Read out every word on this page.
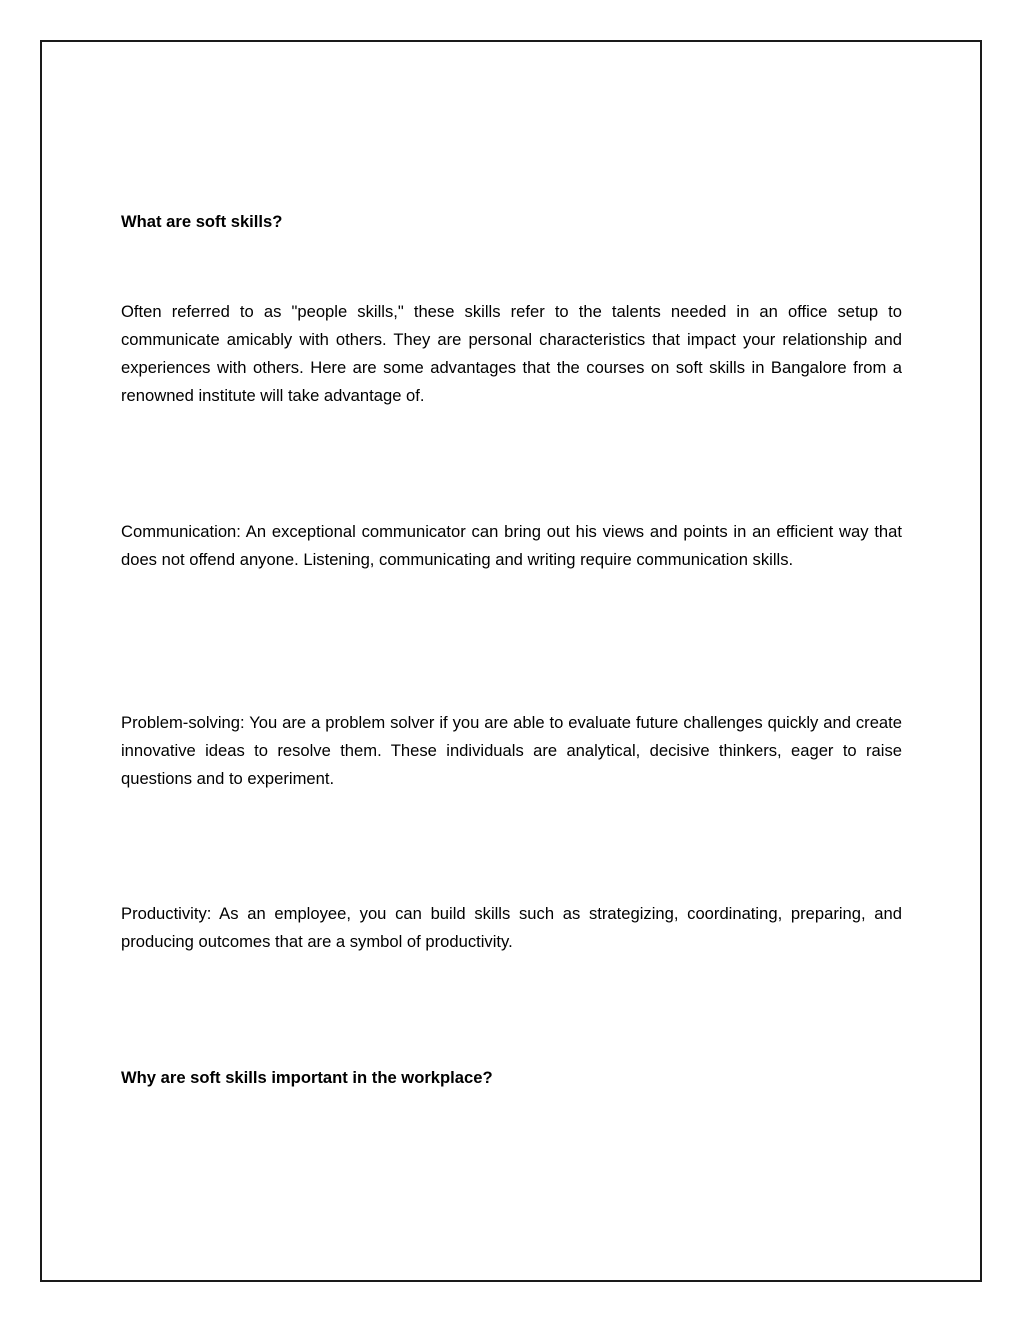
What are soft skills?

Often referred to as "people skills," these skills refer to the talents needed in an office setup to communicate amicably with others. They are personal characteristics that impact your relationship and experiences with others. Here are some advantages that the courses on soft skills in Bangalore from a renowned institute will take advantage of.

Communication: An exceptional communicator can bring out his views and points in an efficient way that does not offend anyone. Listening, communicating and writing require communication skills.

Problem-solving: You are a problem solver if you are able to evaluate future challenges quickly and create innovative ideas to resolve them. These individuals are analytical, decisive thinkers, eager to raise questions and to experiment.

Productivity: As an employee, you can build skills such as strategizing, coordinating, preparing, and producing outcomes that are a symbol of productivity.

Why are soft skills important in the workplace?
